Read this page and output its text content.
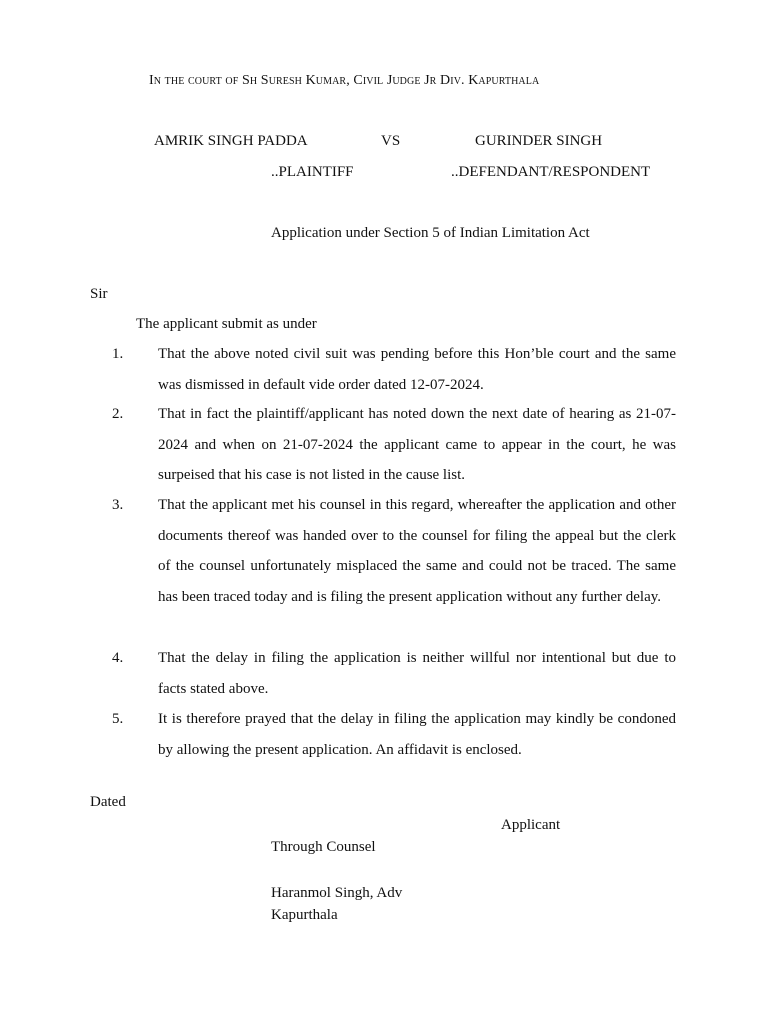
In the court of Sh Suresh Kumar, Civil Judge Jr Div. Kapurthala
AMRIK SINGH PADDA	VS	GURINDER SINGH
..PLAINTIFF	..DEFENDANT/RESPONDENT
Application under Section 5 of Indian Limitation Act
Sir
The applicant submit as under
1. That the above noted civil suit was pending before this Hon’ble court and the same was dismissed in default vide order dated 12-07-2024.
2. That in fact the plaintiff/applicant has noted down the next date of hearing as 21-07-2024 and when on 21-07-2024 the applicant came to appear in the court, he was surpeised that his case is not listed in the cause list.
3. That the applicant met his counsel in this regard, whereafter the application and other documents thereof was handed over to the counsel for filing the appeal but the clerk of the counsel unfortunately misplaced the same and could not be traced. The same has been traced today and is filing the present application without any further delay.
4. That the delay in filing the application is neither willful nor intentional but due to facts stated above.
5. It is therefore prayed that the delay in filing the application may kindly be condoned by allowing the present application. An affidavit is enclosed.
Dated
Applicant
Through Counsel
Haranmol Singh, Adv
Kapurthala
